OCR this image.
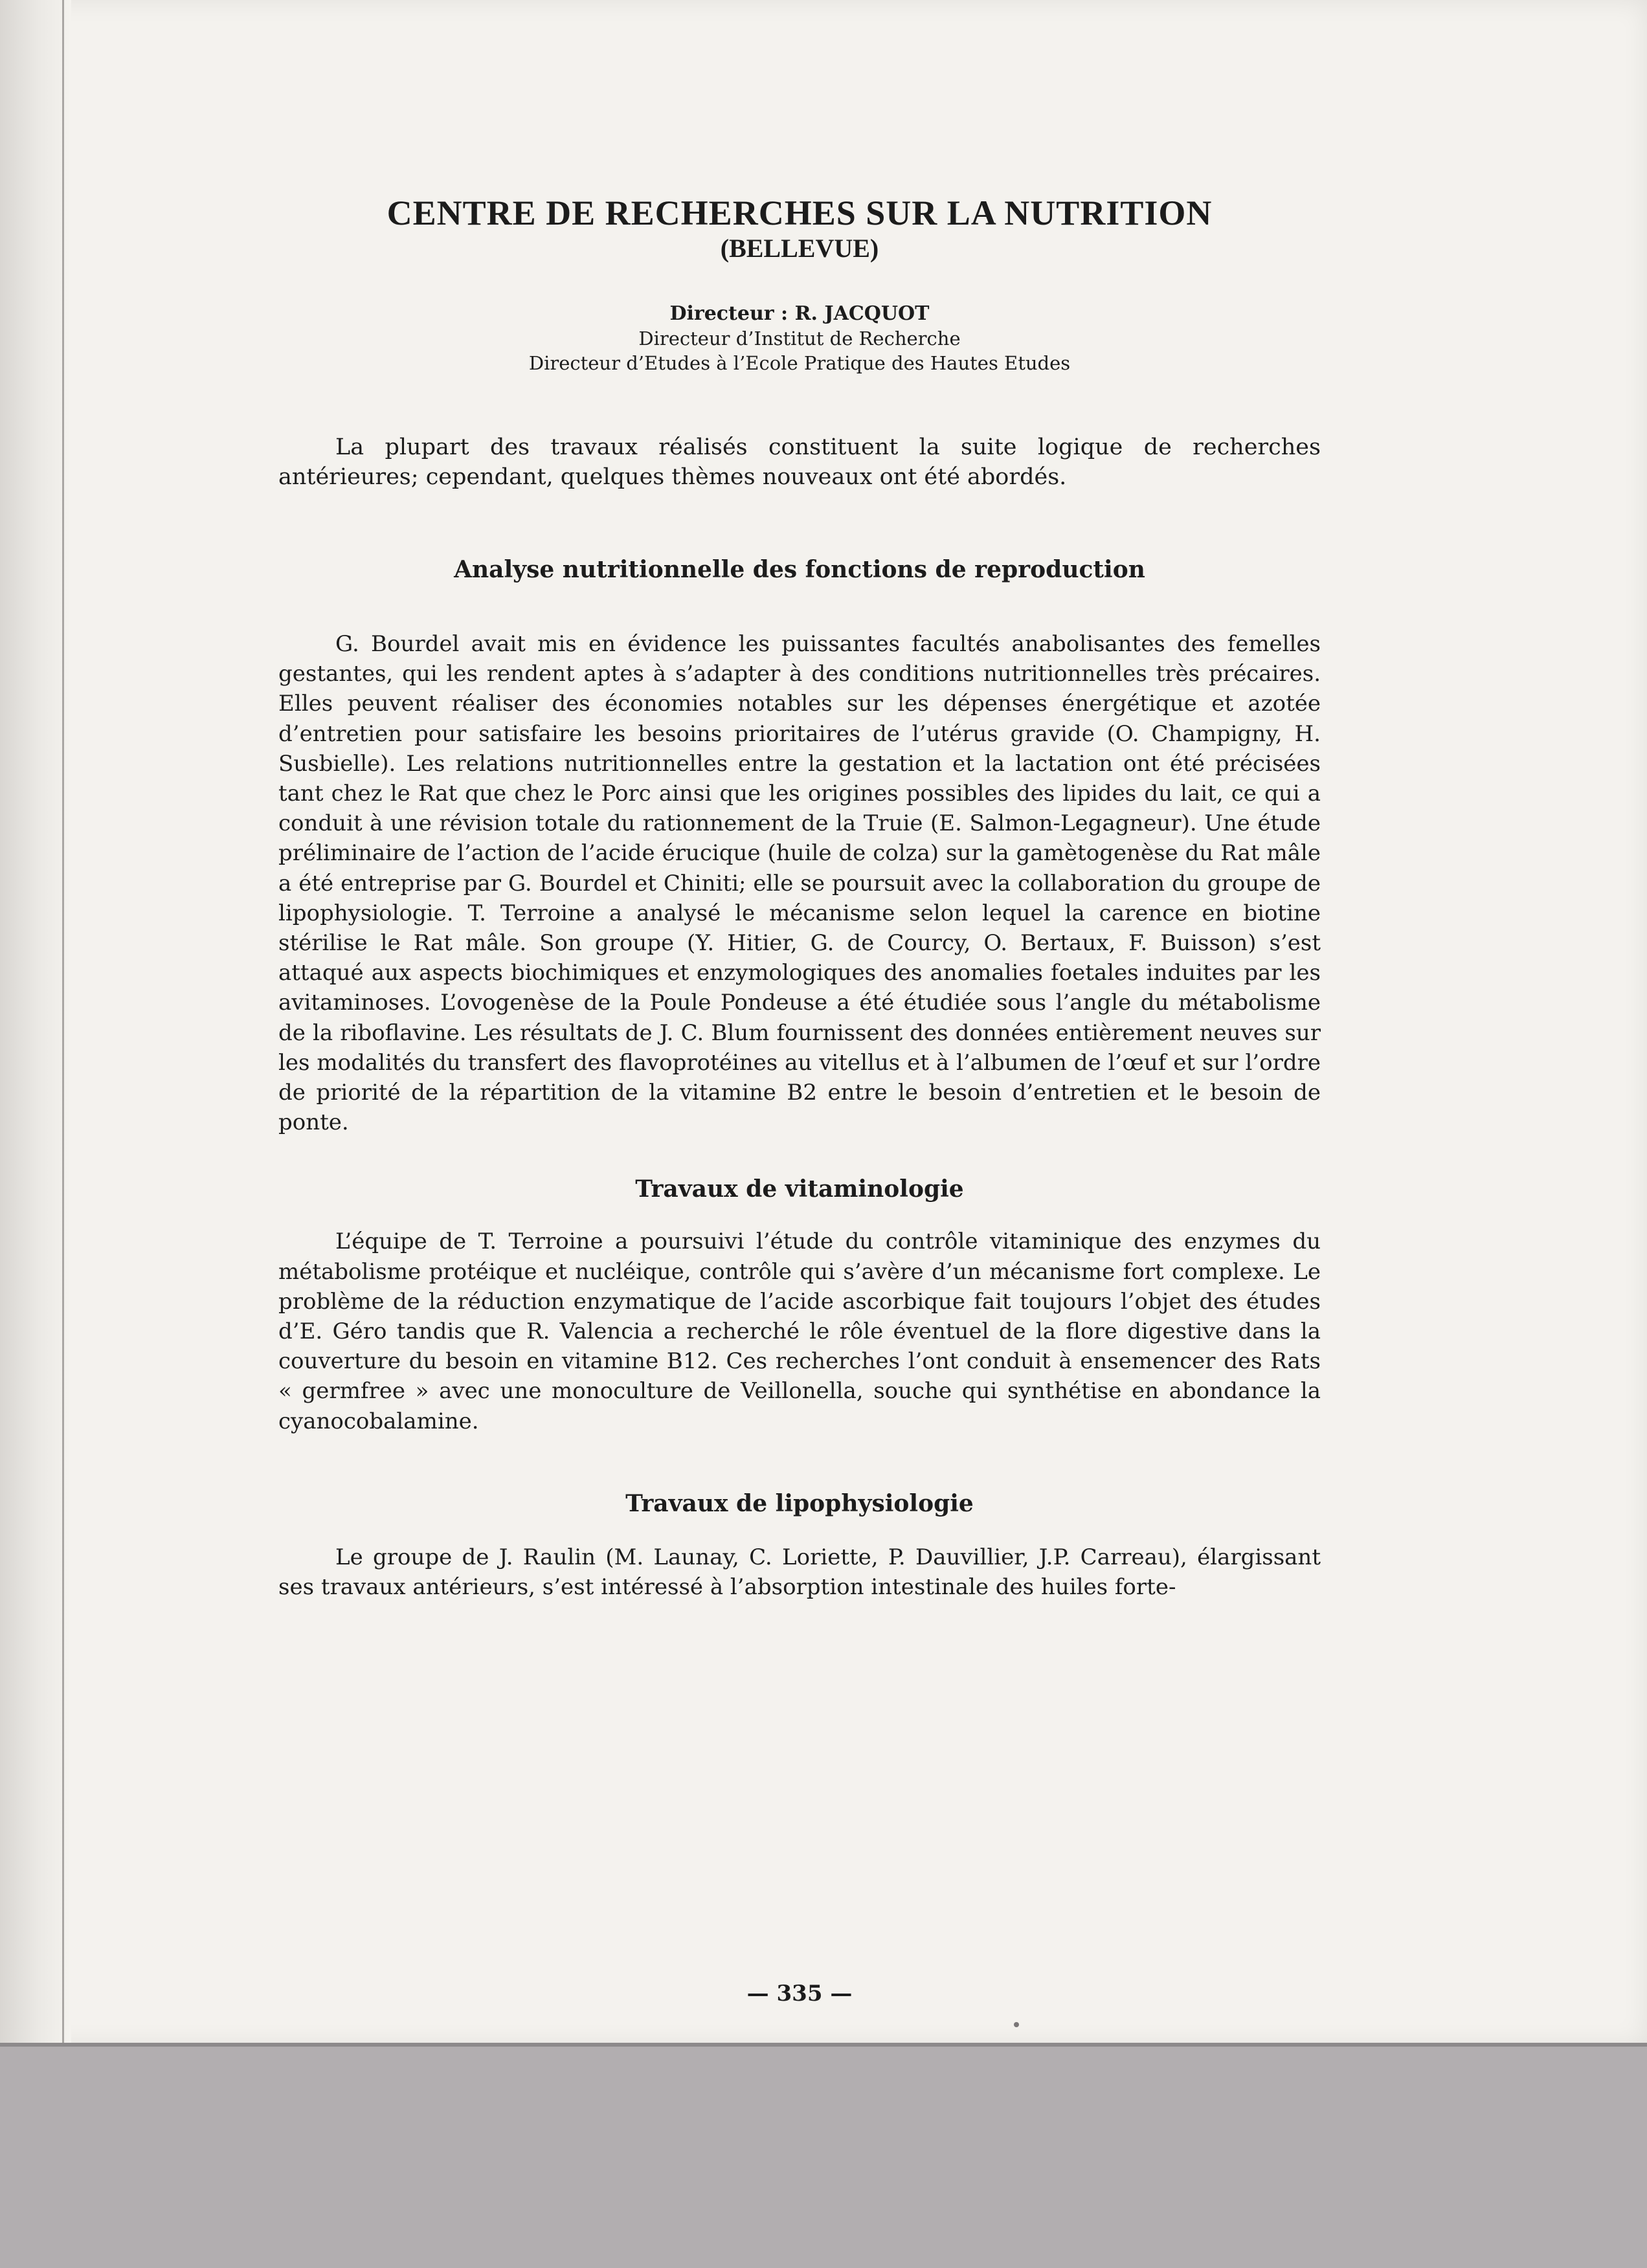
CENTRE DE RECHERCHES SUR LA NUTRITION
(BELLEVUE)

Directeur : R. JACQUOT

Directeur d’Institut de Recherche

Directeur d’Etudes à l’Ecole Pratique des Hautes Etudes

La plupart des travaux réalisés constituent la suite logique de recherches antérieures; cependant, quelques thèmes nouveaux ont été abordés.

Analyse nutritionnelle des fonctions de reproduction

G. Bourdel avait mis en évidence les puissantes facultés anabolisantes des femelles gestantes, qui les rendent aptes à s’adapter à des conditions nutritionnelles très précaires. Elles peuvent réaliser des économies notables sur les dépenses énergétique et azotée d’entretien pour satisfaire les besoins prioritaires de l’utérus gravide (O. Champigny, H. Susbielle). Les relations nutritionnelles entre la gestation et la lactation ont été précisées tant chez le Rat que chez le Porc ainsi que les origines possibles des lipides du lait, ce qui a conduit à une révision totale du rationnement de la Truie (E. Salmon-Legagneur). Une étude préliminaire de l’action de l’acide érucique (huile de colza) sur la gamètogenèse du Rat mâle a été entreprise par G. Bourdel et Chiniti; elle se poursuit avec la collaboration du groupe de lipophysiologie. T. Terroine a analysé le mécanisme selon lequel la carence en biotine stérilise le Rat mâle. Son groupe (Y. Hitier, G. de Courcy, O. Bertaux, F. Buisson) s’est attaqué aux aspects biochimiques et enzymologiques des anomalies foetales induites par les avitaminoses. L’ovogenèse de la Poule Pondeuse a été étudiée sous l’angle du métabolisme de la riboflavine. Les résultats de J. C. Blum fournissent des données entièrement neuves sur les modalités du transfert des flavoprotéines au vitellus et à l’albumen de l’œuf et sur l’ordre de priorité de la répartition de la vitamine B2 entre le besoin d’entretien et le besoin de ponte.

Travaux de vitaminologie

L’équipe de T. Terroine a poursuivi l’étude du contrôle vitaminique des enzymes du métabolisme protéique et nucléique, contrôle qui s’avère d’un mécanisme fort complexe. Le problème de la réduction enzymatique de l’acide ascorbique fait toujours l’objet des études d’E. Géro tandis que R. Valencia a recherché le rôle éventuel de la flore digestive dans la couverture du besoin en vitamine B12. Ces recherches l’ont conduit à ensemencer des Rats « germfree » avec une monoculture de Veillonella, souche qui synthétise en abondance la cyanocobalamine.

Travaux de lipophysiologie

Le groupe de J. Raulin (M. Launay, C. Loriette, P. Dauvillier, J.P. Carreau), élargissant ses travaux antérieurs, s’est intéressé à l’absorption intestinale des huiles forte-

— 335 —
